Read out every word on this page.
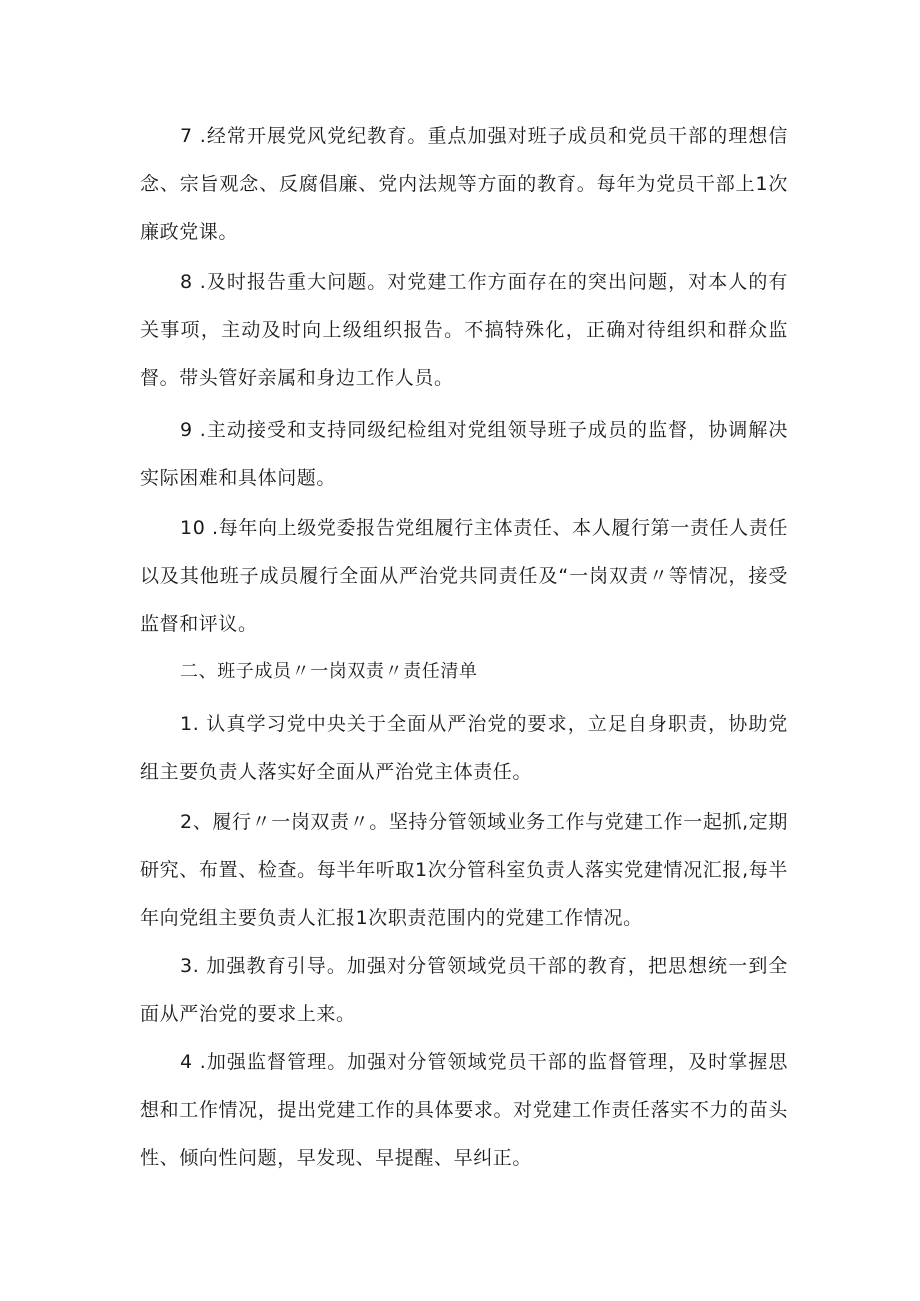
7 .经常开展党风党纪教育。重点加强对班子成员和党员干部的理想信念、宗旨观念、反腐倡廉、党内法规等方面的教育。每年为党员干部上1次廉政党课。

8 .及时报告重大问题。对党建工作方面存在的突出问题，对本人的有关事项，主动及时向上级组织报告。不搞特殊化，正确对待组织和群众监督。带头管好亲属和身边工作人员。

9 .主动接受和支持同级纪检组对党组领导班子成员的监督，协调解决实际困难和具体问题。

10 .每年向上级党委报告党组履行主体责任、本人履行第一责任人责任以及其他班子成员履行全面从严治党共同责任及“一岗双责〃等情况，接受监督和评议。

二、班子成员〃一岗双责〃责任清单

1. 认真学习党中央关于全面从严治党的要求，立足自身职责，协助党组主要负责人落实好全面从严治党主体责任。

2、履行〃一岗双责〃。坚持分管领域业务工作与党建工作一起抓,定期研究、布置、检查。每半年听取1次分管科室负责人落实党建情况汇报,每半年向党组主要负责人汇报1次职责范围内的党建工作情况。

3. 加强教育引导。加强对分管领域党员干部的教育，把思想统一到全面从严治党的要求上来。

4 .加强监督管理。加强对分管领域党员干部的监督管理，及时掌握思想和工作情况，提出党建工作的具体要求。对党建工作责任落实不力的苗头性、倾向性问题，早发现、早提醒、早纠正。
